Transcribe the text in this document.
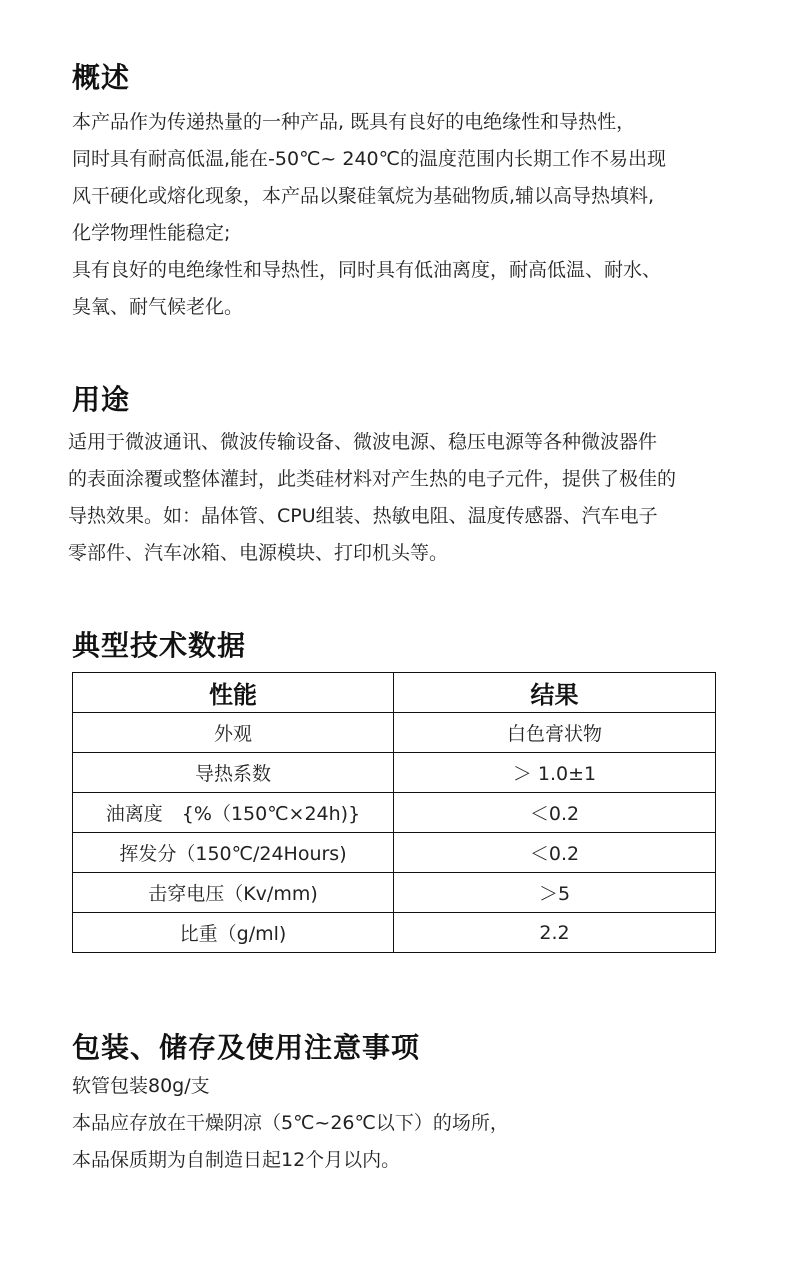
概述
本产品作为传递热量的一种产品, 既具有良好的电绝缘性和导热性，
同时具有耐高低温,能在-50℃~ 240℃的温度范围内长期工作不易出现
风干硬化或熔化现象，本产品以聚硅氧烷为基础物质,辅以高导热填料,
化学物理性能稳定;
具有良好的电绝缘性和导热性，同时具有低油离度，耐高低温、耐水、
臭氧、耐气候老化。
用途
适用于微波通讯、微波传输设备、微波电源、稳压电源等各种微波器件
的表面涂覆或整体灌封，此类硅材料对产生热的电子元件，提供了极佳的
导热效果。如：晶体管、CPU组装、热敏电阻、温度传感器、汽车电子
零部件、汽车冰箱、电源模块、打印机头等。
典型技术数据
性能	结果
外观	白色膏状物
导热系数	＞ 1.0±1
油离度　{%（150℃×24h)}	＜0.2
挥发分（150℃/24Hours)	＜0.2
击穿电压（Kv/mm)	＞5
比重（g/ml)	2.2
包装、储存及使用注意事项
软管包装80g/支
本品应存放在干燥阴凉（5℃~26℃以下）的场所，
本品保质期为自制造日起12个月以内。
